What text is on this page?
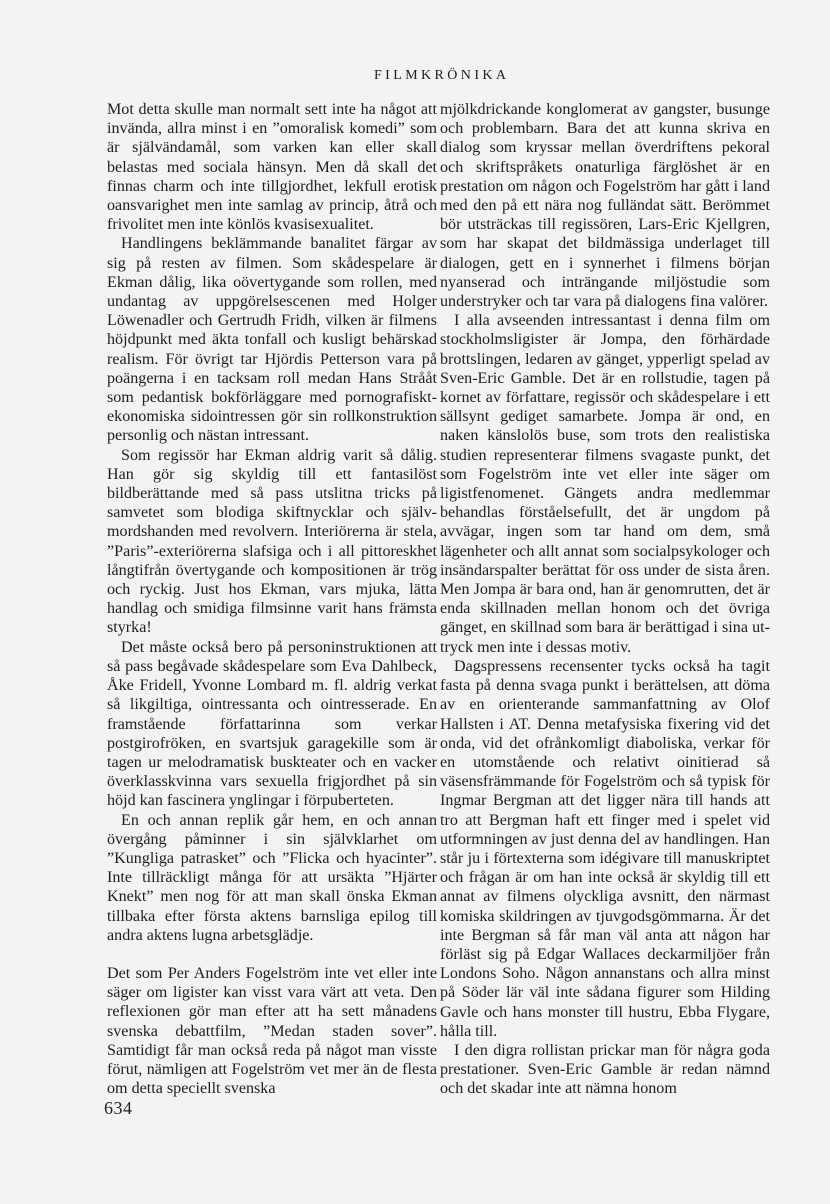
FILMKRÖNIKA

Mot detta skulle man normalt sett inte ha något att invända, allra minst i en ”omoralisk komedi” som är självändamål, som varken kan eller skall belastas med sociala hänsyn. Men då skall det finnas charm och inte tillgjordhet, lekfull erotisk oansvarighet men inte samlag av princip, åtrå och frivolitet men inte könlös kvasisexualitet.

Handlingens beklämmande banalitet färgar av sig på resten av filmen. Som skådespelare är Ekman dålig, lika oövertygande som rollen, med undantag av uppgörelsescenen med Holger Löwenadler och Gertrudh Fridh, vilken är filmens höjdpunkt med äkta tonfall och kusligt behärskad realism. För övrigt tar Hjördis Petterson vara på poängerna i en tacksam roll medan Hans Strååt som pedantisk bokförläggare med pornografiskt-ekonomiska sidointressen gör sin rollkonstruktion personlig och nästan intressant.

Som regissör har Ekman aldrig varit så dålig. Han gör sig skyldig till ett fantasilöst bildberättande med så pass utslitna tricks på samvetet som blodiga skiftnycklar och självmordshanden med revolvern. Interiörerna är stela, ”Paris”-exteriörerna slafsiga och i all pittoreskhet långtifrån övertygande och kompositionen är trög och ryckig. Just hos Ekman, vars mjuka, lätta handlag och smidiga filmsinne varit hans främsta styrka!

Det måste också bero på personinstruktionen att så pass begåvade skådespelare som Eva Dahlbeck, Åke Fridell, Yvonne Lombard m. fl. aldrig verkat så likgiltiga, ointressanta och ointresserade. En framstående författarinna som verkar postgirofröken, en svartsjuk garagekille som är tagen ur melodramatisk buskteater och en vacker överklasskvinna vars sexuella frigjordhet på sin höjd kan fascinera ynglingar i förpuberteten.

En och annan replik går hem, en och annan övergång påminner i sin självklarhet om ”Kungliga patrasket” och ”Flicka och hyacinter”. Inte tillräckligt många för att ursäkta ”Hjärter Knekt” men nog för att man skall önska Ekman tillbaka efter första aktens barnsliga epilog till andra aktens lugna arbetsglädje.

Det som Per Anders Fogelström inte vet eller inte säger om ligister kan visst vara värt att veta. Den reflexionen gör man efter att ha sett månadens svenska debattfilm, ”Medan staden sover”. Samtidigt får man också reda på något man visste förut, nämligen att Fogelström vet mer än de flesta om detta speciellt svenska

mjölkdrickande konglomerat av gangster, busunge och problembarn. Bara det att kunna skriva en dialog som kryssar mellan överdriftens pekoral och skriftspråkets onaturliga färglöshet är en prestation om någon och Fogelström har gått i land med den på ett nära nog fulländat sätt. Berömmet bör utsträckas till regissören, Lars-Eric Kjellgren, som har skapat det bildmässiga underlaget till dialogen, gett en i synnerhet i filmens början nyanserad och inträngande miljöstudie som understryker och tar vara på dialogens fina valörer.

I alla avseenden intressantast i denna film om stockholmsligister är Jompa, den förhärdade brottslingen, ledaren av gänget, ypperligt spelad av Sven-Eric Gamble. Det är en rollstudie, tagen på kornet av författare, regissör och skådespelare i ett sällsynt gediget samarbete. Jompa är ond, en naken känslolös buse, som trots den realistiska studien representerar filmens svagaste punkt, det som Fogelström inte vet eller inte säger om ligistfenomenet. Gängets andra medlemmar behandlas förståelsefullt, det är ungdom på avvägar, ingen som tar hand om dem, små lägenheter och allt annat som socialpsykologer och insändarspalter berättat för oss under de sista åren. Men Jompa är bara ond, han är genomrutten, det är enda skillnaden mellan honom och det övriga gänget, en skillnad som bara är berättigad i sina uttryck men inte i dessas motiv.

Dagspressens recensenter tycks också ha tagit fasta på denna svaga punkt i berättelsen, att döma av en orienterande sammanfattning av Olof Hallsten i AT. Denna metafysiska fixering vid det onda, vid det ofrånkomligt diaboliska, verkar för en utomstående och relativt oinitierad så väsensfrämmande för Fogelström och så typisk för Ingmar Bergman att det ligger nära till hands att tro att Bergman haft ett finger med i spelet vid utformningen av just denna del av handlingen. Han står ju i förtexterna som idégivare till manuskriptet och frågan är om han inte också är skyldig till ett annat av filmens olyckliga avsnitt, den närmast komiska skildringen av tjuvgodsgömmarna. Är det inte Bergman så får man väl anta att någon har förläst sig på Edgar Wallaces deckarmiljöer från Londons Soho. Någon annanstans och allra minst på Söder lär väl inte sådana figurer som Hilding Gavle och hans monster till hustru, Ebba Flygare, hålla till.

I den digra rollistan prickar man för några goda prestationer. Sven-Eric Gamble är redan nämnd och det skadar inte att nämna honom

634
